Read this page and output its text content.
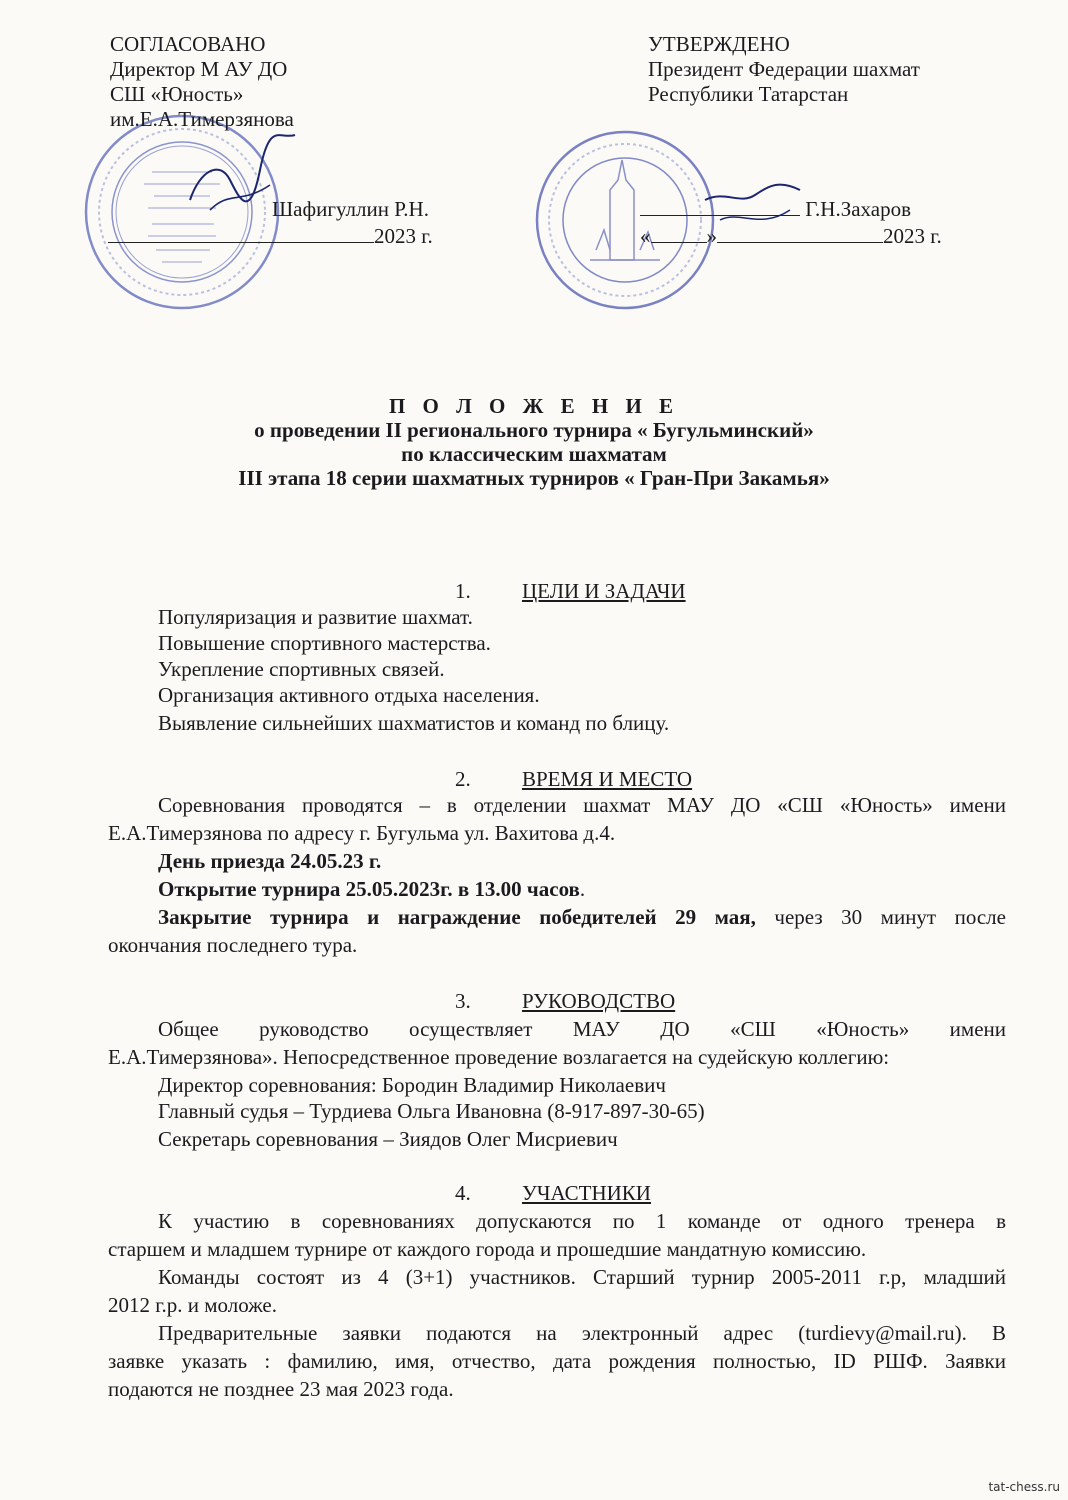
СОГЛАСОВАНО
Директор М АУ ДО
СШ «Юность»
им.Е.А.Тимерзянова
Шафигуллин Р.Н.
2023 г.
УТВЕРЖДЕНО
Президент Федерации шахмат
Республики Татарстан
Г.Н.Захаров
«	»	2023 г.
П О Л О Ж Е Н И Е
о проведении II регионального турнира « Бугульминский»
по классическим шахматам
III этапа 18 серии шахматных турниров « Гран-При Закамья»
1. ЦЕЛИ И ЗАДАЧИ
Популяризация и развитие шахмат.
Повышение спортивного мастерства.
Укрепление спортивных связей.
Организация активного отдыха населения.
Выявление сильнейших шахматистов и команд по блицу.
2. ВРЕМЯ И МЕСТО
Соревнования проводятся – в отделении шахмат МАУ ДО «СШ «Юность» имени
Е.А.Тимерзянова по адресу г. Бугульма ул. Вахитова д.4.
День приезда 24.05.23 г.
Открытие турнира 25.05.2023г. в 13.00 часов.
Закрытие турнира и награждение победителей 29 мая, через 30 минут после
окончания последнего тура.
3. РУКОВОДСТВО
Общее руководство осуществляет МАУ ДО «СШ «Юность» имени
Е.А.Тимерзянова». Непосредственное проведение возлагается на судейскую коллегию:
Директор соревнования: Бородин Владимир Николаевич
Главный судья – Турдиева Ольга Ивановна (8-917-897-30-65)
Секретарь соревнования – Зиядов Олег Мисриевич
4. УЧАСТНИКИ
К участию в соревнованиях допускаются по 1 команде от одного тренера в
старшем и младшем турнире от каждого города и прошедшие мандатную комиссию.
Команды состоят из 4 (3+1) участников. Старший турнир 2005-2011 г.р, младший
2012 г.р. и моложе.
Предварительные заявки подаются на электронный адрес (turdievy@mail.ru). В
заявке указать : фамилию, имя, отчество, дата рождения полностью, ID РШФ. Заявки
подаются не позднее 23 мая 2023 года.
tat-chess.ru
